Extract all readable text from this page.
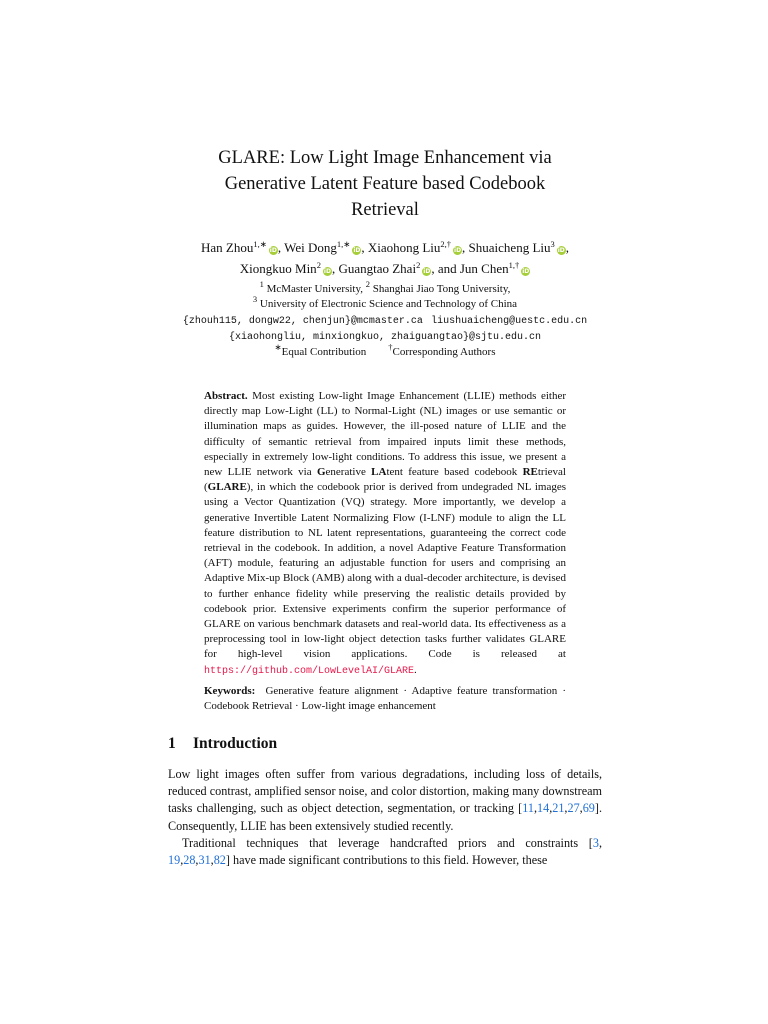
GLARE: Low Light Image Enhancement via
Generative Latent Feature based Codebook
Retrieval
Han Zhou$^{1,∗}$iD, Wei Dong$^{1,∗}$iD, Xiaohong Liu$^{2,\dagger}$iD, Shuaicheng Liu$^3$iD,
Xiongkuo Min$^2$iD, Guangtao Zhai$^2$iD, and Jun Chen$^{1,\dagger}$iD
$^1$ McMaster University, $^2$ Shanghai Jiao Tong University,
$^3$ University of Electronic Science and Technology of China
{zhouh115, dongw22, chenjun}@mcmaster.ca liushuaicheng@uestc.edu.cn
{xiaohongliu, minxiongkuo, zhaiguangtao}@sjtu.edu.cn
∗Equal Contribution	†Corresponding Authors
Abstract. Most existing Low-light Image Enhancement (LLIE) methods either directly map Low-Light (LL) to Normal-Light (NL) images or use semantic or illumination maps as guides. However, the ill-posed nature of LLIE and the difficulty of semantic retrieval from impaired inputs limit these methods, especially in extremely low-light conditions. To address this issue, we present a new LLIE network via Generative LAtent feature based codebook REtrieval (GLARE), in which the codebook prior is derived from undegraded NL images using a Vector Quantization (VQ) strategy. More importantly, we develop a generative Invertible Latent Normalizing Flow (I-LNF) module to align the LL feature distribution to NL latent representations, guaranteeing the correct code retrieval in the codebook. In addition, a novel Adaptive Feature Transformation (AFT) module, featuring an adjustable function for users and comprising an Adaptive Mix-up Block (AMB) along with a dual-decoder architecture, is devised to further enhance fidelity while preserving the realistic details provided by codebook prior. Extensive experiments confirm the superior performance of GLARE on various benchmark datasets and real-world data. Its effectiveness as a preprocessing tool in low-light object detection tasks further validates GLARE for high-level vision applications. Code is released at https://github.com/LowLevelAI/GLARE.
Keywords: Generative feature alignment · Adaptive feature transformation · Codebook Retrieval · Low-light image enhancement
1 Introduction

Low light images often suffer from various degradations, including loss of details, reduced contrast, amplified sensor noise, and color distortion, making many downstream tasks challenging, such as object detection, segmentation, or tracking [11,14,21,27,69]. Consequently, LLIE has been extensively studied recently.

Traditional techniques that leverage handcrafted priors and constraints [3, 19,28,31,82] have made significant contributions to this field. However, these
